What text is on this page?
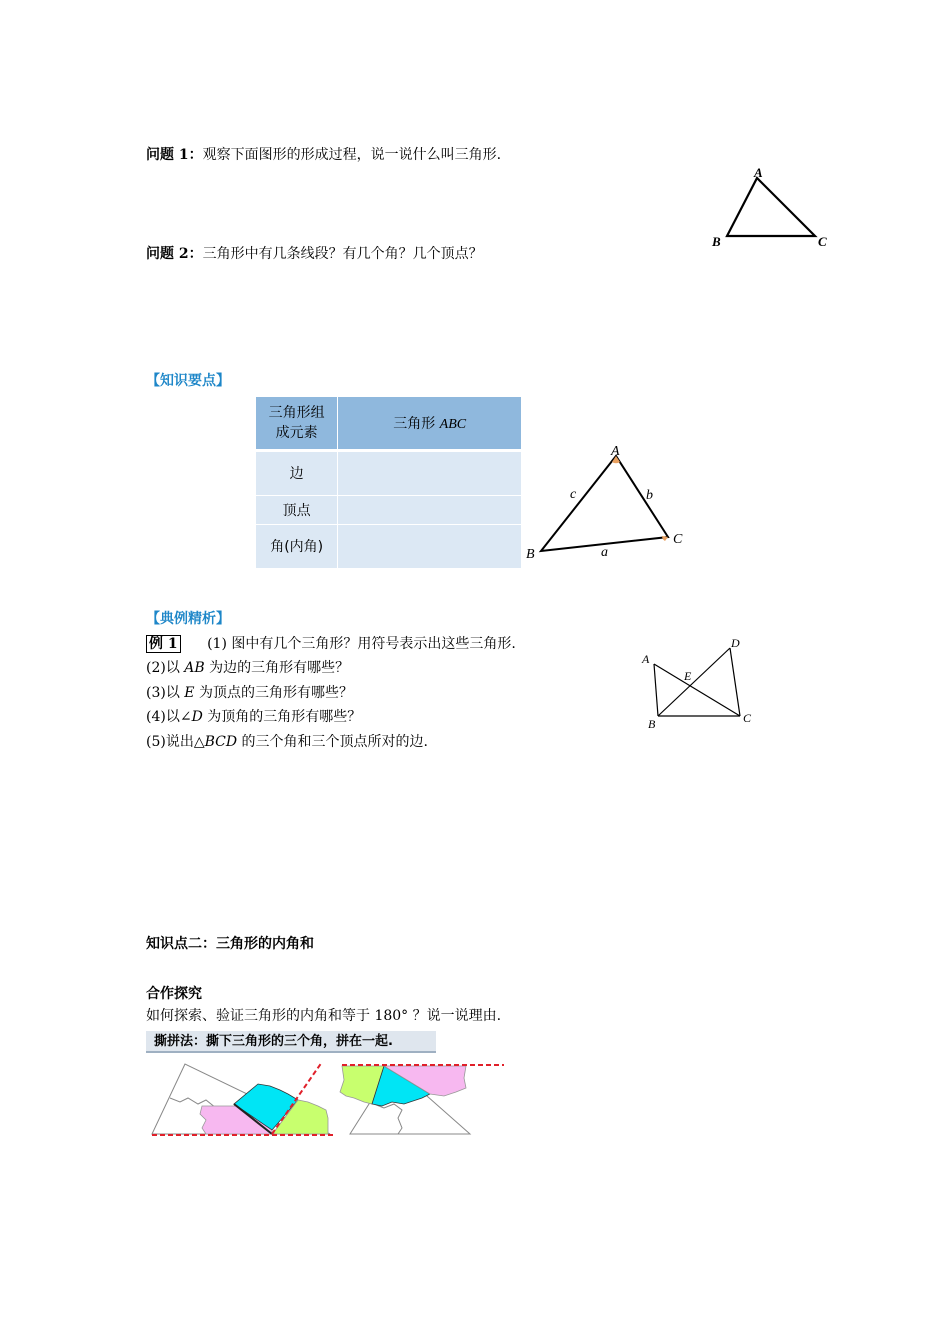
问题 1：观察下面图形的形成过程，说一说什么叫三角形.
A
B	C
问题 2：三角形中有几条线段？有几个角？几个顶点？
【知识要点】
三角形组
成元素	三角形 ABC
边	
顶点	
角(内角)	
A
B
C
c	b
a
【典例精析】
例 1 (1) 图中有几个三角形？用符号表示出这些三角形.
(2)以 AB 为边的三角形有哪些？
(3)以 E 为顶点的三角形有哪些？
(4)以∠D 为顶角的三角形有哪些？
(5)说出△BCD 的三个角和三个顶点所对的边.
A
B	C
D
E
知识点二：三角形的内角和
合作探究
如何探索、验证三角形的内角和等于 180° ？说一说理由.
撕拼法：撕下三角形的三个角，拼在一起.
